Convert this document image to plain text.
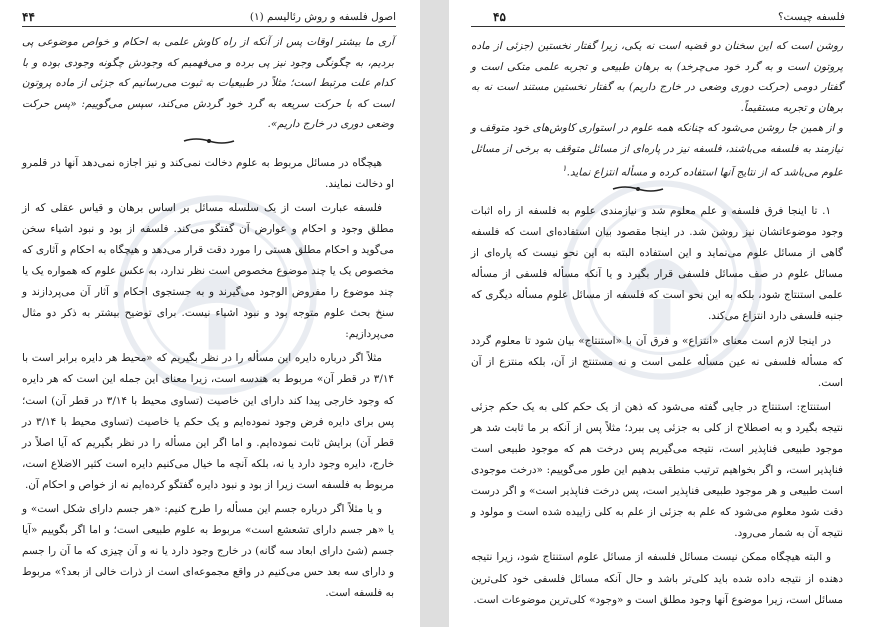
اصول فلسفه و روش رئالیسم (۱)
۴۴

آری ما بیشتر اوقات پس از آنکه از راه کاوش علمی به احکام و خواص موضوعی پی بردیم، به چگونگی وجود نیز پی برده و می‌فهمیم که وجودش چگونه وجودی بوده و با کدام علت مرتبط است؛ مثلاً در طبیعیات به ثبوت می‌رسانیم که جزئی از ماده پروتون است که با حرکت سریعه به گرد خود گردش می‌کند، سپس می‌گوییم: «پس حرکت وضعی دوری در خارج داریم».

هیچگاه در مسائل مربوط به علوم دخالت نمی‌کند و نیز اجازه نمی‌دهد آنها در قلمرو او دخالت نمایند.

فلسفه عبارت است از یک سلسله مسائل بر اساس برهان و قیاس عقلی که از مطلق وجود و احکام و عوارض آن گفتگو می‌کند. فلسفه از بود و نبود اشیاء سخن می‌گوید و احکام مطلق هستی را مورد دقت قرار می‌دهد و هیچگاه به احکام و آثاری که مخصوص یک یا چند موضوع مخصوص است نظر ندارد، به عکس علوم که همواره یک یا چند موضوع را مفروض الوجود می‌گیرند و به جستجوی احکام و آثار آن می‌پردازند و سنخ بحث علوم متوجه بود و نبود اشیاء نیست. برای توضیح بیشتر به ذکر دو مثال می‌پردازیم:

مثلاً اگر درباره دایره این مسأله را در نظر بگیریم که «محیط هر دایره برابر است با ۳/۱۴ در قطر آن» مربوط به هندسه است، زیرا معنای این جمله این است که هر دایره که وجود خارجی پیدا کند دارای این خاصیت (تساوی محیط با ۳/۱۴ در قطر آن) است؛ پس برای دایره فرض وجود نموده‌ایم و یک حکم یا خاصیت (تساوی محیط با ۳/۱۴ در قطر آن) برایش ثابت نموده‌ایم. و اما اگر این مسأله را در نظر بگیریم که آیا اصلاً در خارج، دایره وجود دارد یا نه، بلکه آنچه ما خیال می‌کنیم دایره است کثیر الاضلاع است، مربوط به فلسفه است زیرا از بود و نبود دایره گفتگو کرده‌ایم نه از خواص و احکام آن.

و یا مثلاً اگر درباره جسم این مسأله را طرح کنیم: «هر جسم دارای شکل است» و یا «هر جسم دارای تشعشع است» مربوط به علوم طبیعی است؛ و اما اگر بگوییم «آیا جسم (شئ دارای ابعاد سه گانه) در خارج وجود دارد یا نه و آن چیزی که ما آن را جسم و دارای سه بعد حس می‌کنیم در واقع مجموعه‌ای است از ذرات خالی از بعد؟» مربوط به فلسفه است.

فلسفه چیست؟
۴۵

روشن است که این سخنان دو قضیه است نه یکی، زیرا گفتار نخستین (جزئی از ماده پروتون است و به گرد خود می‌چرخد) به برهان طبیعی و تجربه علمی متکی است و گفتار دومی (حرکت دوری وضعی در خارج داریم) به گفتار نخستین مستند است نه به برهان و تجربه مستقیماً.

و از همین جا روشن می‌شود که چنانکه همه علوم در استواری کاوش‌های خود متوقف و نیازمند به فلسفه می‌باشند، فلسفه نیز در پاره‌ای از مسائل متوقف به برخی از مسائل علوم می‌باشد که از نتایج آنها استفاده کرده و مسأله انتزاع نماید.$^۱$

۱. تا اینجا فرق فلسفه و علم معلوم شد و نیازمندی علوم به فلسفه از راه اثبات وجود موضوعاتشان نیز روشن شد. در اینجا مقصود بیان استفاده‌ای است که فلسفه گاهی از مسائل علوم می‌نماید و این استفاده البته به این نحو نیست که پاره‌ای از مسائل علوم در صف مسائل فلسفی قرار بگیرد و یا آنکه مسأله فلسفی از مسأله علمی استنتاج شود، بلکه به این نحو است که فلسفه از مسائل علوم مسأله دیگری که جنبه فلسفی دارد انتزاع می‌کند.

در اینجا لازم است معنای «انتزاع» و فرق آن با «استنتاج» بیان شود تا معلوم گردد که مسأله فلسفی نه عین مسأله علمی است و نه مستنتج از آن، بلکه منتزع از آن است.

استنتاج: استنتاج در جایی گفته می‌شود که ذهن از یک حکم کلی به یک حکم جزئی نتیجه بگیرد و به اصطلاح از کلی به جزئی پی ببرد؛ مثلاً پس از آنکه بر ما ثابت شد هر موجود طبیعی فناپذیر است، نتیجه می‌گیریم پس درخت هم که موجود طبیعی است فناپذیر است، و اگر بخواهیم ترتیب منطقی بدهیم این طور می‌گوییم: «درخت موجودی است طبیعی و هر موجود طبیعی فناپذیر است، پس درخت فناپذیر است» و اگر درست دقت شود معلوم می‌شود که علم به جزئی از علم به کلی زاییده شده است و مولود و نتیجه آن به شمار می‌رود.

و البته هیچگاه ممکن نیست مسائل فلسفه از مسائل علوم استنتاج شود، زیرا نتیجه دهنده از نتیجه داده شده باید کلی‌تر باشد و حال آنکه مسائل فلسفی خود کلی‌ترین مسائل است، زیرا موضوع آنها وجود مطلق است و «وجود» کلی‌ترین موضوعات است.
